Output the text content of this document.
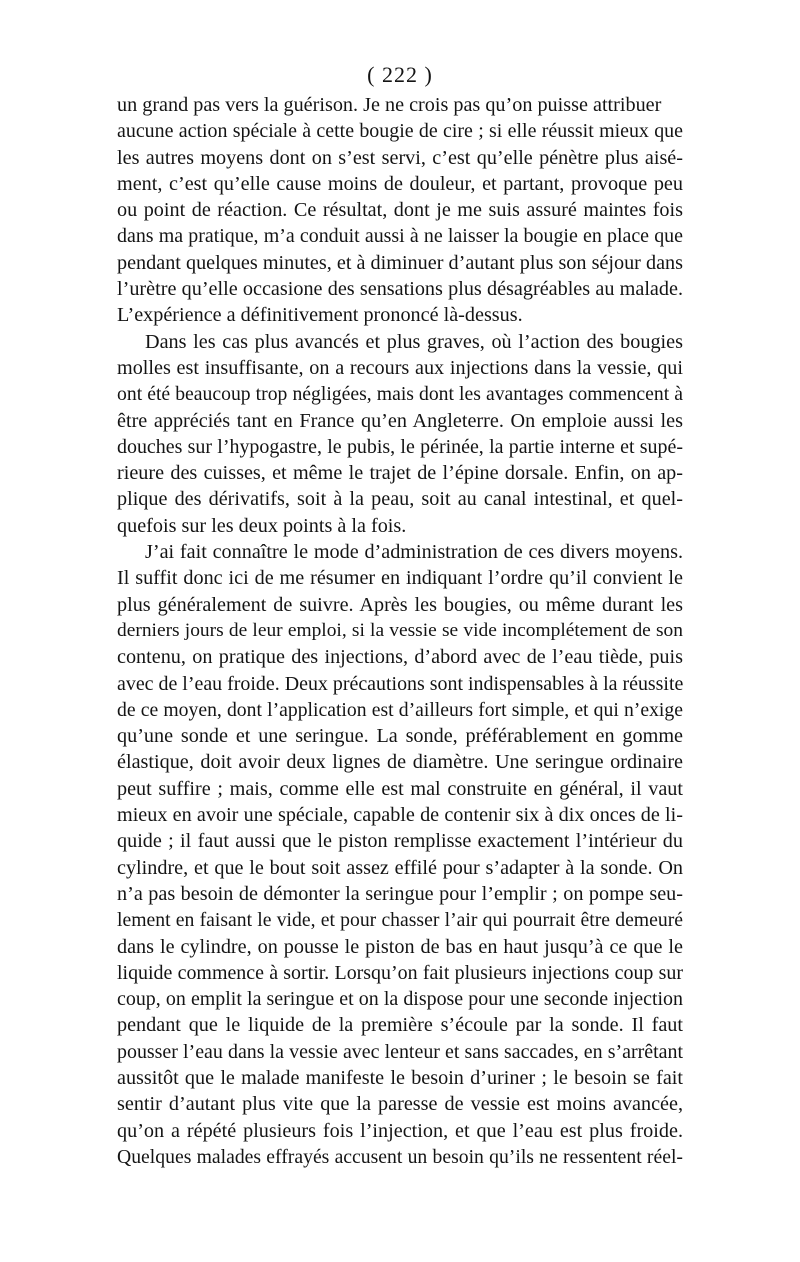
( 222 )
un grand pas vers la guérison. Je ne crois pas qu’on puisse attribuer
aucune action spéciale à cette bougie de cire ; si elle réussit mieux que
les autres moyens dont on s’est servi, c’est qu’elle pénètre plus aisé-
ment, c’est qu’elle cause moins de douleur, et partant, provoque peu
ou point de réaction. Ce résultat, dont je me suis assuré maintes fois
dans ma pratique, m’a conduit aussi à ne laisser la bougie en place que
pendant quelques minutes, et à diminuer d’autant plus son séjour dans
l’urètre qu’elle occasione des sensations plus désagréables au malade.
L’expérience a définitivement prononcé là-dessus.
Dans les cas plus avancés et plus graves, où l’action des bougies
molles est insuffisante, on a recours aux injections dans la vessie, qui
ont été beaucoup trop négligées, mais dont les avantages commencent à
être appréciés tant en France qu’en Angleterre. On emploie aussi les
douches sur l’hypogastre, le pubis, le périnée, la partie interne et supé-
rieure des cuisses, et même le trajet de l’épine dorsale. Enfin, on ap-
plique des dérivatifs, soit à la peau, soit au canal intestinal, et quel-
quefois sur les deux points à la fois.
J’ai fait connaître le mode d’administration de ces divers moyens.
Il suffit donc ici de me résumer en indiquant l’ordre qu’il convient le
plus généralement de suivre. Après les bougies, ou même durant les
derniers jours de leur emploi, si la vessie se vide incomplétement de son
contenu, on pratique des injections, d’abord avec de l’eau tiède, puis
avec de l’eau froide. Deux précautions sont indispensables à la réussite
de ce moyen, dont l’application est d’ailleurs fort simple, et qui n’exige
qu’une sonde et une seringue. La sonde, préférablement en gomme
élastique, doit avoir deux lignes de diamètre. Une seringue ordinaire
peut suffire ; mais, comme elle est mal construite en général, il vaut
mieux en avoir une spéciale, capable de contenir six à dix onces de li-
quide ; il faut aussi que le piston remplisse exactement l’intérieur du
cylindre, et que le bout soit assez effilé pour s’adapter à la sonde. On
n’a pas besoin de démonter la seringue pour l’emplir ; on pompe seu-
lement en faisant le vide, et pour chasser l’air qui pourrait être demeuré
dans le cylindre, on pousse le piston de bas en haut jusqu’à ce que le
liquide commence à sortir. Lorsqu’on fait plusieurs injections coup sur
coup, on emplit la seringue et on la dispose pour une seconde injection
pendant que le liquide de la première s’écoule par la sonde. Il faut
pousser l’eau dans la vessie avec lenteur et sans saccades, en s’arrêtant
aussitôt que le malade manifeste le besoin d’uriner ; le besoin se fait
sentir d’autant plus vite que la paresse de vessie est moins avancée,
qu’on a répété plusieurs fois l’injection, et que l’eau est plus froide.
Quelques malades effrayés accusent un besoin qu’ils ne ressentent réel-
